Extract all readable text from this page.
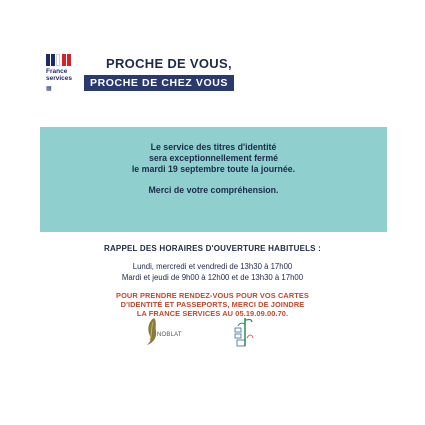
France
services
▦
PROCHE DE VOUS,
PROCHE DE CHEZ VOUS
Le service des titres d'identité
sera exceptionnellement fermé
le mardi 19 septembre toute la journée.
Merci de votre compréhension.
RAPPEL DES HORAIRES D'OUVERTURE HABITUELS :
Lundi, mercredi et vendredi de 13h30 à 17h00
Mardi et jeudi de 9h00 à 12h00 et de 13h30 à 17h00
POUR PRENDRE RENDEZ-VOUS POUR VOS CARTES
D'IDENTITÉ ET PASSEPORTS, MERCI DE JOINDRE
LA FRANCE SERVICES AU 05.19.09.00.70.
NOBLAT
